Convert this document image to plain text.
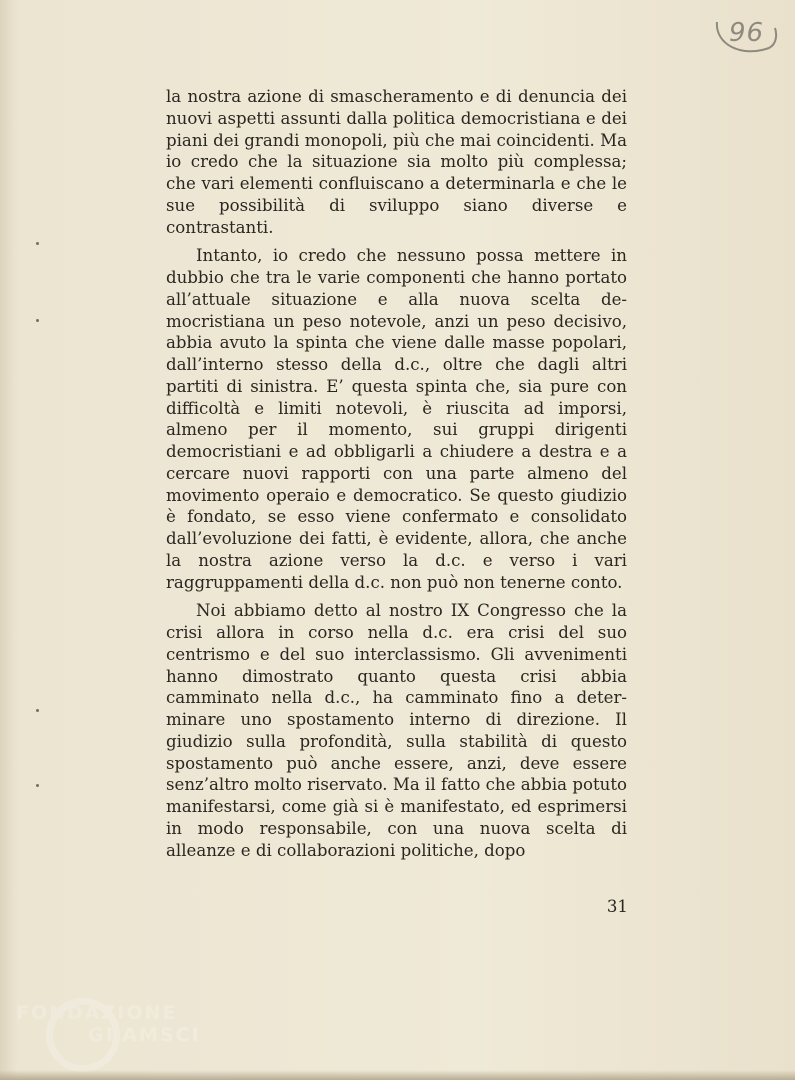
96

la nostra azione di smascheramento e di denuncia dei nuovi aspetti assunti dalla politica democristiana e dei piani dei grandi monopoli, più che mai coincidenti. Ma io credo che la situazione sia molto più complessa; che vari elementi confluiscano a determinarla e che le sue possibilità di sviluppo siano diverse e contrastanti.

Intanto, io credo che nessuno possa mettere in dubbio che tra le varie componenti che hanno portato all’attuale situazione e alla nuova scelta democristiana un peso notevole, anzi un peso decisivo, abbia avuto la spinta che viene dalle masse popolari, dall’interno stesso della d.c., oltre che dagli altri partiti di sinistra. E’ questa spinta che, sia pure con difficoltà e limiti notevoli, è riuscita ad imporsi, almeno per il momento, sui gruppi dirigenti democristiani e ad obbligarli a chiudere a destra e a cercare nuovi rapporti con una parte almeno del movimento operaio e democratico. Se questo giudizio è fondato, se esso viene confermato e consolidato dall’evoluzione dei fatti, è evidente, allora, che anche la nostra azione verso la d.c. e verso i vari raggruppamenti della d.c. non può non tenerne conto.

Noi abbiamo detto al nostro IX Congresso che la crisi allora in corso nella d.c. era crisi del suo centrismo e del suo interclassismo. Gli avvenimenti hanno dimostrato quanto questa crisi abbia camminato nella d.c., ha camminato fino a determinare uno spostamento interno di direzione. Il giudizio sulla profondità, sulla stabilità di questo spostamento può anche essere, anzi, deve essere senz’altro molto riservato. Ma il fatto che abbia potuto manifestarsi, come già si è manifestato, ed esprimersi in modo responsabile, con una nuova scelta di alleanze e di collaborazioni politiche, dopo

31
FONDAZIONE
GRAMSCI
